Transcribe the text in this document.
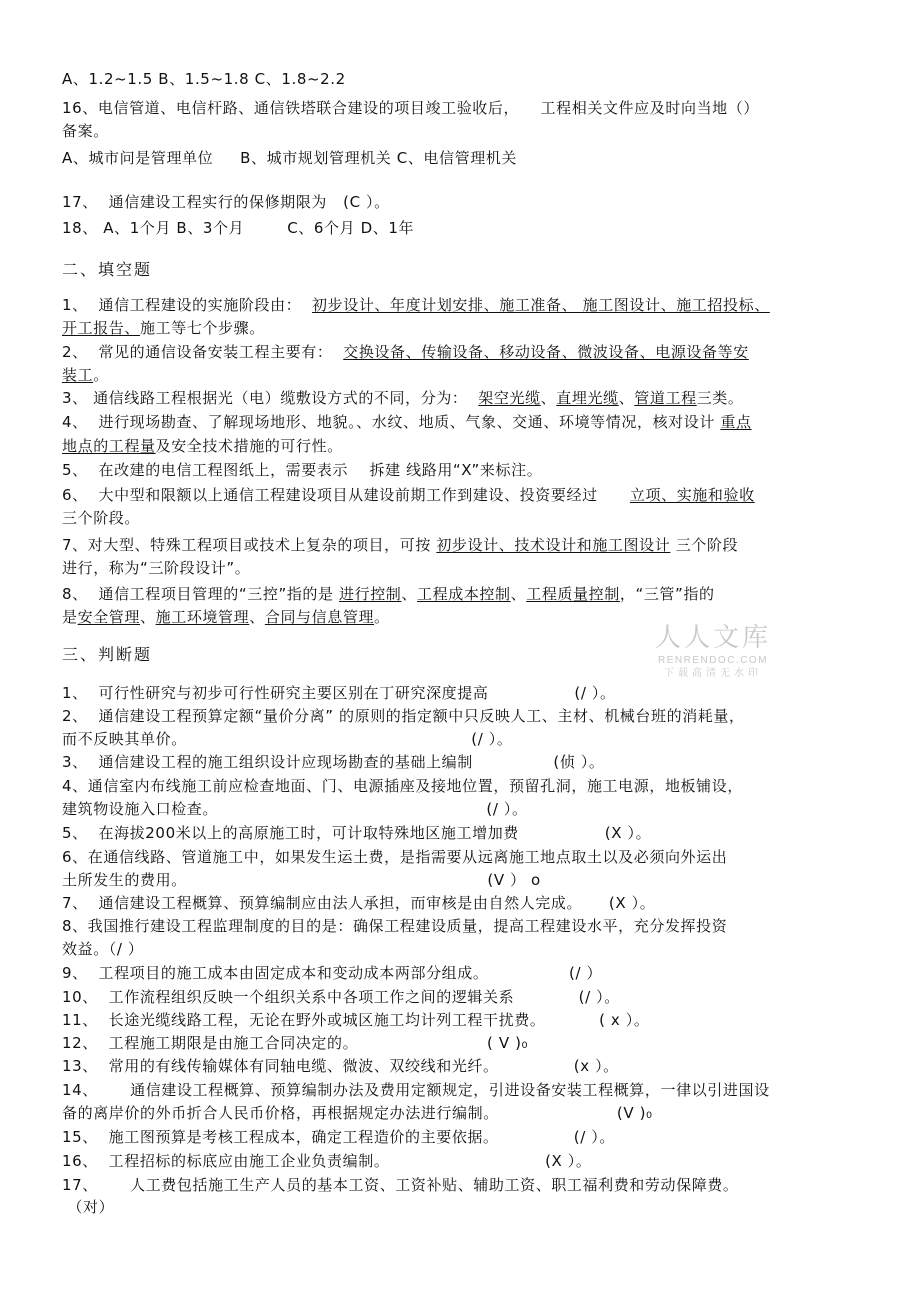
A、1.2~1.5 B、1.5~1.8 C、1.8~2.2
16、电信管道、电信杆路、通信铁塔联合建设的项目竣工验收后，    工程相关文件应及时向当地（）
备案。
A、城市问是管理单位     B、城市规划管理机关 C、电信管理机关
17、  通信建设工程实行的保修期限为   (C ）。
18、 A、1个月 B、3个月        C、6个月 D、1年
二、填空题
1、  通信工程建设的实施阶段由：  初步设计、年度计划安排、施工准备、 施工图设计、施工招投标、
开工报告、施工等七个步骤。
2、  常见的通信设备安装工程主要有：  交换设备、传输设备、移动设备、微波设备、电源设备等安
装工。
3、 通信线路工程根据光（电）缆敷设方式的不同，分为：  架空光缆、直埋光缆、管道工程三类。
4、  进行现场勘查、了解现场地形、地貌。、水纹、地质、气象、交通、环境等情况，核对设计 重点
地点的工程量及安全技术措施的可行性。
5、  在改建的电信工程图纸上，需要表示    拆建 线路用“X”来标注。
6、  大中型和限额以上通信工程建设项目从建设前期工作到建设、投资要经过      立项、实施和验收
三个阶段。
7、对大型、特殊工程项目或技术上复杂的项目，可按 初步设计、技术设计和施工图设计 三个阶段
进行，称为“三阶段设计”。
8、  通信工程项目管理的“三控”指的是 进行控制、工程成本控制、工程质量控制，“三管”指的
是安全管理、施工环境管理、合同与信息管理。
三、判断题
1、  可行性研究与初步可行性研究主要区别在丁研究深度提高                (/ ）。
2、  通信建设工程预算定额“量价分离” 的原则的指定额中只反映人工、主材、机械台班的消耗量，
而不反映其单价。                                                     (/ ）。
3、  通信建设工程的施工组织设计应现场勘查的基础上编制               (侦 ）。
4、通信室内布线施工前应检查地面、门、电源插座及接地位置，预留孔洞，施工电源，地板铺设，
建筑物设施入口检查。                                                  (/ ）。
5、  在海拔200米以上的高原施工时，可计取特殊地区施工增加费                (X ）。
6、在通信线路、管道施工中，如果发生运土费，是指需要从远离施工地点取土以及必须向外运出
土所发生的费用。                                                        (V ） o
7、  通信建设工程概算、预算编制应由法人承担，而审核是由自然人完成。     (X ）。
8、我国推行建设工程监理制度的目的是：确保工程建设质量，提高工程建设水平，充分发挥投资
效益。（/ ）
9、  工程项目的施工成本由固定成本和变动成本两部分组成。               (/ ）
10、  工作流程组织反映一个组织关系中各项工作之间的逻辑关系            (/ ）。
11、  长途光缆线路工程，无论在野外或城区施工均计列工程干扰费。          ( x ）。
12、  工程施工期限是由施工合同决定的。                        ( V )₀
13、  常用的有线传输媒体有同轴电缆、微波、双绞线和光纤。              (x ）。
14、      通信建设工程概算、预算编制办法及费用定额规定，引进设备安装工程概算，一律以引进国设
备的离岸价的外币折合人民币价格，再根据规定办法进行编制。                      (V )₀
15、  施工图预算是考核工程成本，确定工程造价的主要依据。              (/ ）。
16、  工程招标的标底应由施工企业负责编制。                             (X ）。
17、      人工费包括施工生产人员的基本工资、工资补贴、辅助工资、职工福利费和劳动保障费。
（对）
人人文库
RENRENDOC.COM
下载高清无水印
